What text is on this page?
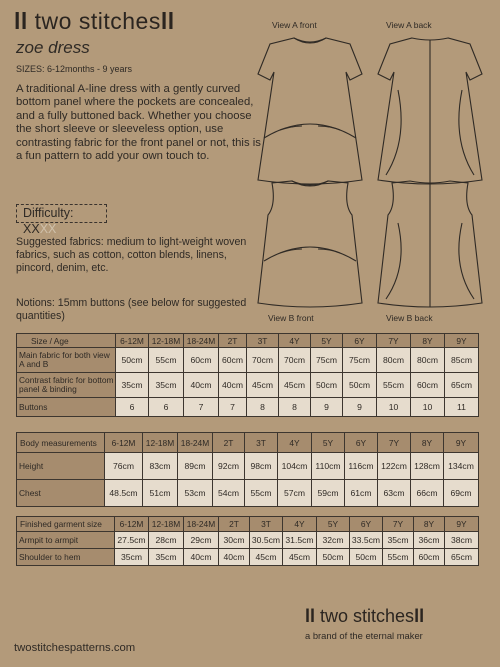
ll two stitchesll
zoe dress
SIZES: 6-12months - 9 years
A traditional A-line dress with a gently curved bottom panel where the pockets are concealed, and a fully buttoned back. Whether you choose the short sleeve or sleeveless option, use contrasting fabric for the front panel or not, this is a fun pattern to add your own touch to.
Difficulty: XXXX
Suggested fabrics: medium to light-weight woven fabrics, such as cotton, cotton blends, linens, pincord, denim, etc.
Notions: 15mm buttons (see below for suggested quantities)
View A front	View A back
View B front	View B back
Size / Age	6-12M	12-18M	18-24M	2T	3T	4Y	5Y	6Y	7Y	8Y	9Y
Main fabric for both view A and B	50cm	55cm	60cm	60cm	70cm	70cm	75cm	75cm	80cm	80cm	85cm
Contrast fabric for bottom panel & binding	35cm	35cm	40cm	40cm	45cm	45cm	50cm	50cm	55cm	60cm	65cm
Buttons	6	6	7	7	8	8	9	9	10	10	11
Body measurements	6-12M	12-18M	18-24M	2T	3T	4Y	5Y	6Y	7Y	8Y	9Y
Height	76cm	83cm	89cm	92cm	98cm	104cm	110cm	116cm	122cm	128cm	134cm
Chest	48.5cm	51cm	53cm	54cm	55cm	57cm	59cm	61cm	63cm	66cm	69cm
Finished garment size	6-12M	12-18M	18-24M	2T	3T	4Y	5Y	6Y	7Y	8Y	9Y
Armpit to armpit	27.5cm	28cm	29cm	30cm	30.5cm	31.5cm	32cm	33.5cm	35cm	36cm	38cm
Shoulder to hem	35cm	35cm	40cm	40cm	45cm	45cm	50cm	50cm	55cm	60cm	65cm
ll two stitchesll
a brand of the eternal maker
twostitchespatterns.com
